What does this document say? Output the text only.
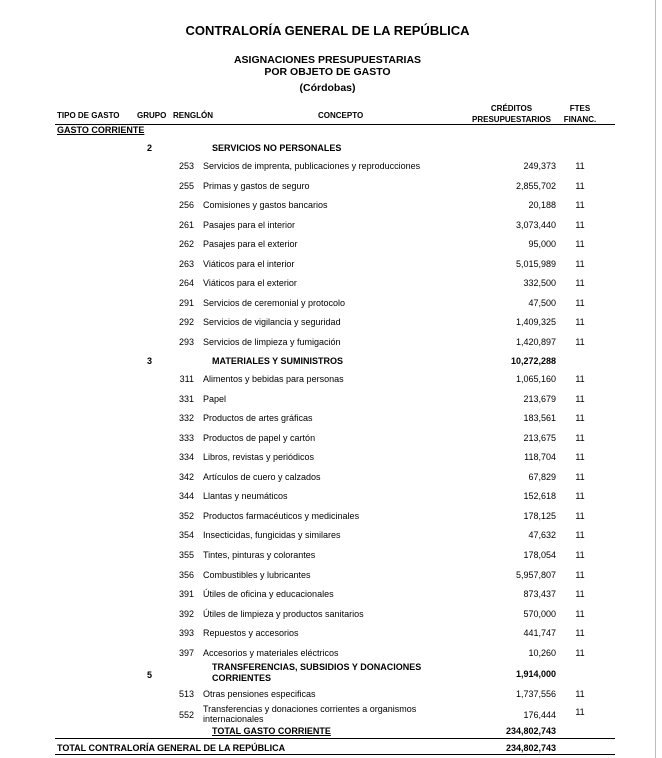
CONTRALORÍA GENERAL DE LA REPÚBLICA
ASIGNACIONES PRESUPUESTARIAS
POR OBJETO DE GASTO
(Córdobas)
TIPO DE GASTO GRUPO RENGLÓN	CONCEPTO
CRÉDITOS
PRESUPUESTARIOS
FTES
FINANC.
GASTO CORRIENTE
2	SERVICIOS NO PERSONALES
253 Servicios de imprenta, publicaciones y reproducciones	249,373	11
255 Primas y gastos de seguro	2,855,702	11
256 Comisiones y gastos bancarios	20,188	11
261 Pasajes para el interior	3,073,440	11
262 Pasajes para el exterior	95,000	11
263 Viáticos para el interior	5,015,989	11
264 Viáticos para el exterior	332,500	11
291 Servicios de ceremonial y protocolo	47,500	11
292 Servicios de vigilancia y seguridad	1,409,325	11
293 Servicios de limpieza y fumigación	1,420,897	11
3	MATERIALES Y SUMINISTROS	10,272,288
311 Alimentos y bebidas para personas	1,065,160	11
331 Papel	213,679	11
332 Productos de artes gráficas	183,561	11
333 Productos de papel y cartón	213,675	11
334 Libros, revistas y periódicos	118,704	11
342 Artículos de cuero y calzados	67,829	11
344 Llantas y neumáticos	152,618	11
352 Productos farmacéuticos y medicinales	178,125	11
354 Insecticidas, fungicidas y similares	47,632	11
355 Tintes, pinturas y colorantes	178,054	11
356 Combustibles y lubricantes	5,957,807	11
391 Útiles de oficina y educacionales	873,437	11
392 Útiles de limpieza y productos sanitarios	570,000	11
393 Repuestos y accesorios	441,747	11
397 Accesorios y materiales eléctricos	10,260	11
5
TRANSFERENCIAS, SUBSIDIOS Y DONACIONES
CORRIENTES	1,914,000
513 Otras pensiones especificas	1,737,556	11
552
Transferencias y donaciones corrientes a organismos
internacionales	176,444	11
TOTAL GASTO CORRIENTE	234,802,743
TOTAL CONTRALORÍA GENERAL DE LA REPÚBLICA	234,802,743
